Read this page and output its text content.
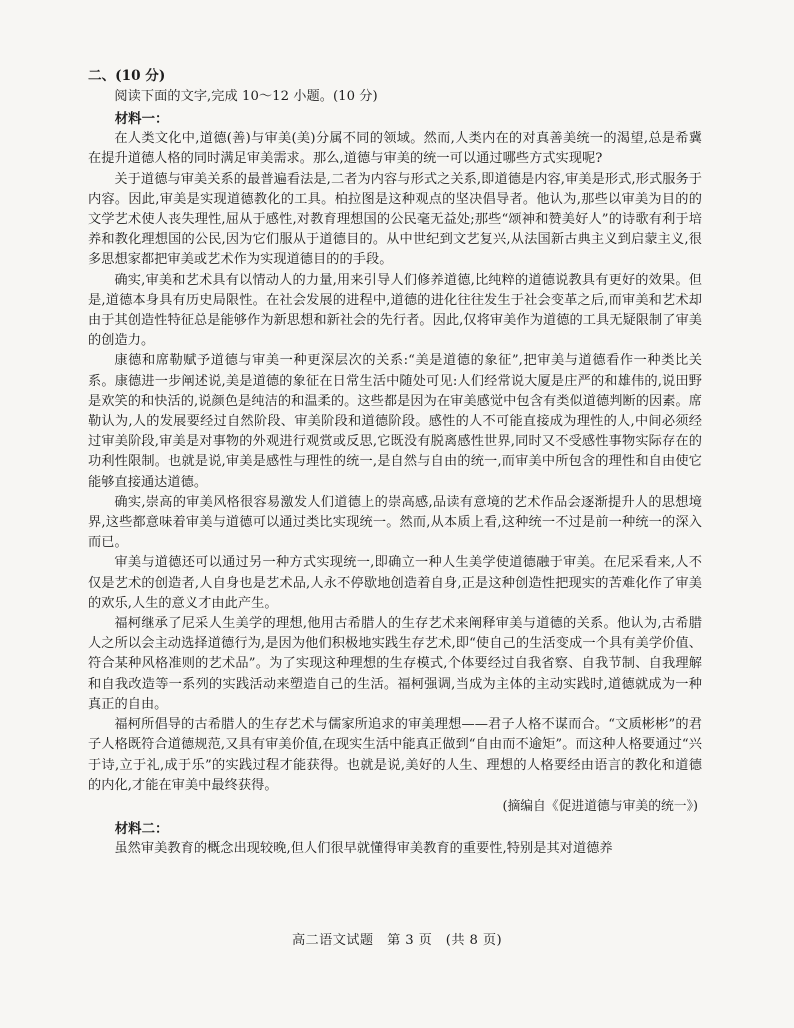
二、(10 分)

阅读下面的文字,完成 10～12 小题。(10 分)

材料一：

在人类文化中,道德(善)与审美(美)分属不同的领域。然而,人类内在的对真善美统一的渴望,总是希冀在提升道德人格的同时满足审美需求。那么,道德与审美的统一可以通过哪些方式实现呢?

关于道德与审美关系的最普遍看法是,二者为内容与形式之关系,即道德是内容,审美是形式,形式服务于内容。因此,审美是实现道德教化的工具。柏拉图是这种观点的坚决倡导者。他认为,那些以审美为目的的文学艺术使人丧失理性,屈从于感性,对教育理想国的公民毫无益处;那些“颂神和赞美好人”的诗歌有利于培养和教化理想国的公民,因为它们服从于道德目的。从中世纪到文艺复兴,从法国新古典主义到启蒙主义,很多思想家都把审美或艺术作为实现道德目的的手段。

确实,审美和艺术具有以情动人的力量,用来引导人们修养道德,比纯粹的道德说教具有更好的效果。但是,道德本身具有历史局限性。在社会发展的进程中,道德的进化往往发生于社会变革之后,而审美和艺术却由于其创造性特征总是能够作为新思想和新社会的先行者。因此,仅将审美作为道德的工具无疑限制了审美的创造力。

康德和席勒赋予道德与审美一种更深层次的关系:“美是道德的象征”,把审美与道德看作一种类比关系。康德进一步阐述说,美是道德的象征在日常生活中随处可见:人们经常说大厦是庄严的和雄伟的,说田野是欢笑的和快活的,说颜色是纯洁的和温柔的。这些都是因为在审美感觉中包含有类似道德判断的因素。席勒认为,人的发展要经过自然阶段、审美阶段和道德阶段。感性的人不可能直接成为理性的人,中间必须经过审美阶段,审美是对事物的外观进行观赏或反思,它既没有脱离感性世界,同时又不受感性事物实际存在的功利性限制。也就是说,审美是感性与理性的统一,是自然与自由的统一,而审美中所包含的理性和自由使它能够直接通达道德。

确实,崇高的审美风格很容易激发人们道德上的崇高感,品读有意境的艺术作品会逐渐提升人的思想境界,这些都意味着审美与道德可以通过类比实现统一。然而,从本质上看,这种统一不过是前一种统一的深入而已。

审美与道德还可以通过另一种方式实现统一,即确立一种人生美学使道德融于审美。在尼采看来,人不仅是艺术的创造者,人自身也是艺术品,人永不停歇地创造着自身,正是这种创造性把现实的苦难化作了审美的欢乐,人生的意义才由此产生。

福柯继承了尼采人生美学的理想,他用古希腊人的生存艺术来阐释审美与道德的关系。他认为,古希腊人之所以会主动选择道德行为,是因为他们积极地实践生存艺术,即“使自己的生活变成一个具有美学价值、符合某种风格准则的艺术品”。为了实现这种理想的生存模式,个体要经过自我省察、自我节制、自我理解和自我改造等一系列的实践活动来塑造自己的生活。福柯强调,当成为主体的主动实践时,道德就成为一种真正的自由。

福柯所倡导的古希腊人的生存艺术与儒家所追求的审美理想——君子人格不谋而合。“文质彬彬”的君子人格既符合道德规范,又具有审美价值,在现实生活中能真正做到“自由而不逾矩”。而这种人格要通过“兴于诗,立于礼,成于乐”的实践过程才能获得。也就是说,美好的人生、理想的人格要经由语言的教化和道德的内化,才能在审美中最终获得。

(摘编自《促进道德与审美的统一》)

材料二：

虽然审美教育的概念出现较晚,但人们很早就懂得审美教育的重要性,特别是其对道德养

高二语文试题　第 3 页　(共 8 页)
